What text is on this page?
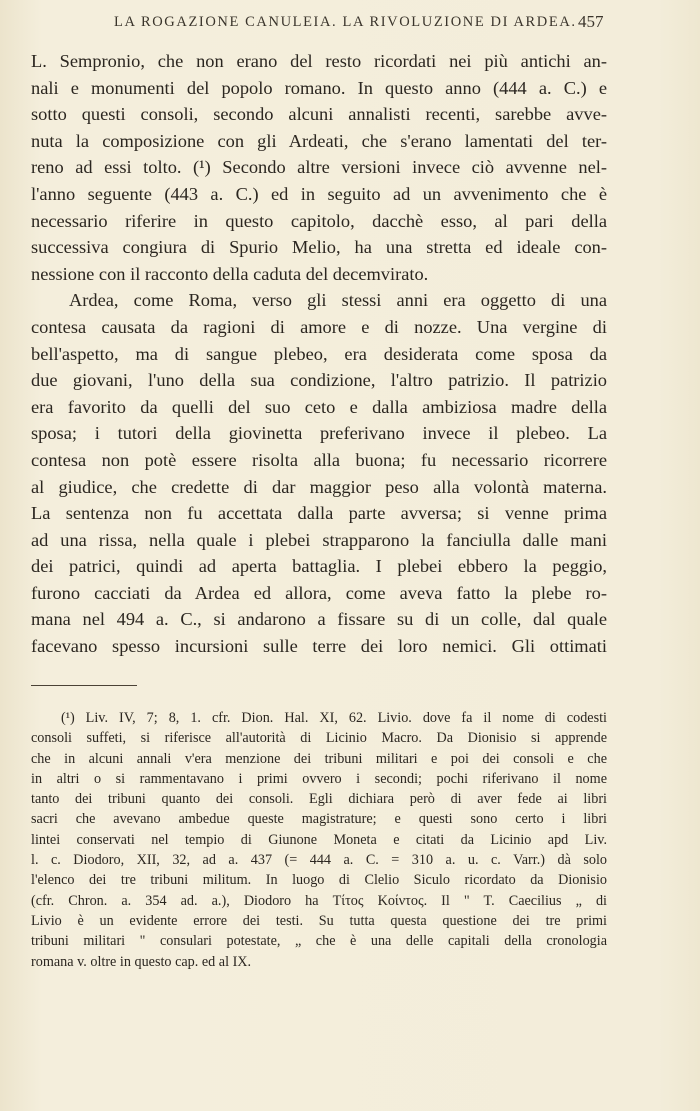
LA ROGAZIONE CANULEIA. LA RIVOLUZIONE DI ARDEA. 457
L. Sempronio, che non erano del resto ricordati nei più antichi an-
nali e monumenti del popolo romano. In questo anno (444 a. C.) e
sotto questi consoli, secondo alcuni annalisti recenti, sarebbe avve-
nuta la composizione con gli Ardeati, che s'erano lamentati del ter-
reno ad essi tolto. (¹) Secondo altre versioni invece ciò avvenne nel-
l'anno seguente (443 a. C.) ed in seguito ad un avvenimento che è
necessario riferire in questo capitolo, dacchè esso, al pari della
successiva congiura di Spurio Melio, ha una stretta ed ideale con-
nessione con il racconto della caduta del decemvirato.
Ardea, come Roma, verso gli stessi anni era oggetto di una
contesa causata da ragioni di amore e di nozze. Una vergine di
bell'aspetto, ma di sangue plebeo, era desiderata come sposa da
due giovani, l'uno della sua condizione, l'altro patrizio. Il patrizio
era favorito da quelli del suo ceto e dalla ambiziosa madre della
sposa; i tutori della giovinetta preferivano invece il plebeo. La
contesa non potè essere risolta alla buona; fu necessario ricorrere
al giudice, che credette di dar maggior peso alla volontà materna.
La sentenza non fu accettata dalla parte avversa; si venne prima
ad una rissa, nella quale i plebei strapparono la fanciulla dalle mani
dei patrici, quindi ad aperta battaglia. I plebei ebbero la peggio,
furono cacciati da Ardea ed allora, come aveva fatto la plebe ro-
mana nel 494 a. C., si andarono a fissare su di un colle, dal quale
facevano spesso incursioni sulle terre dei loro nemici. Gli ottimati
(¹) Liv. IV, 7; 8, 1. cfr. Dion. Hal. XI, 62. Livio. dove fa il nome di codesti
consoli suffeti, si riferisce all'autorità di Licinio Macro. Da Dionisio si apprende
che in alcuni annali v'era menzione dei tribuni militari e poi dei consoli e che
in altri o si rammentavano i primi ovvero i secondi; pochi riferivano il nome
tanto dei tribuni quanto dei consoli. Egli dichiara però di aver fede ai libri
sacri che avevano ambedue queste magistrature; e questi sono certo i libri
lintei conservati nel tempio di Giunone Moneta e citati da Licinio apd Liv.
l. c. Diodoro, XII, 32, ad a. 437 (= 444 a. C. = 310 a. u. c. Varr.) dà solo
l'elenco dei tre tribuni militum. In luogo di Clelio Siculo ricordato da Dionisio
(cfr. Chron. a. 354 ad. a.), Diodoro ha Τίτος Κοίντος. Il " T. Caecilius „ di
Livio è un evidente errore dei testi. Su tutta questa questione dei tre primi
tribuni militari " consulari potestate, „ che è una delle capitali della cronologia
romana v. oltre in questo cap. ed al IX.
